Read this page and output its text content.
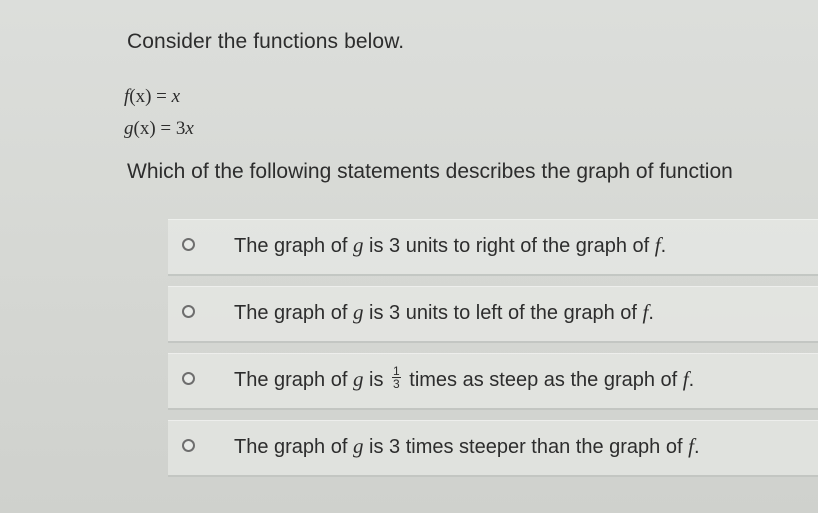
Consider the functions below.
f(x) = x
g(x) = 3x
Which of the following statements describes the graph of function
The graph of g is 3 units to right of the graph of f.
The graph of g is 3 units to left of the graph of f.
The graph of g is $\frac{1}{3}$ times as steep as the graph of f.
The graph of g is 3 times steeper than the graph of f.
